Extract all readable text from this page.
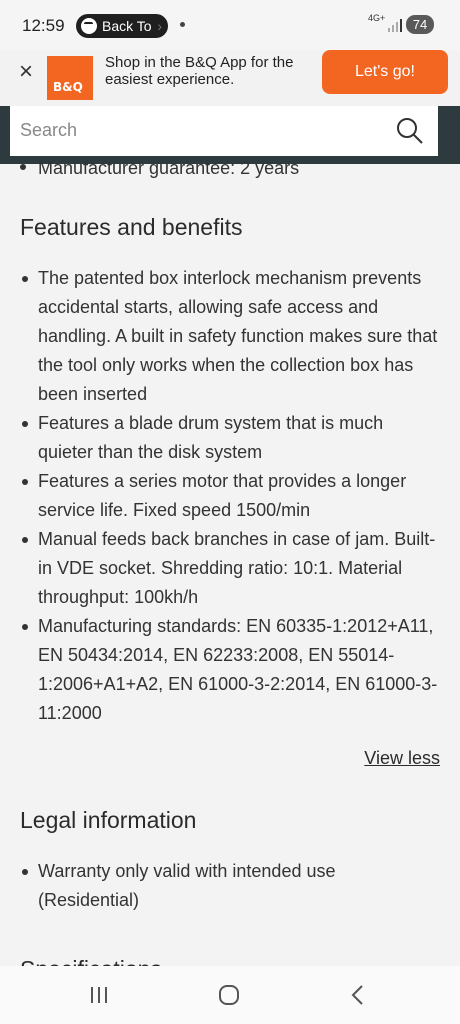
12:59	Back To ›	4G+	74
×
B&Q
Shop in the B&Q App for the easiest experience.	Let's go!
Search
Manufacturer guarantee: 2 years
Features and benefits
The patented box interlock mechanism prevents accidental starts, allowing safe access and handling. A built in safety function makes sure that the tool only works when the collection box has been inserted
Features a blade drum system that is much quieter than the disk system
Features a series motor that provides a longer service life. Fixed speed 1500/min
Manual feeds back branches in case of jam. Built-in VDE socket. Shredding ratio: 10:1. Material throughput: 100kh/h
Manufacturing standards: EN 60335-1:2012+A11, EN 50434:2014, EN 62233:2008, EN 55014-1:2006+A1+A2, EN 61000-3-2:2014, EN 61000-3-11:2000
View less
Legal information
Warranty only valid with intended use (Residential)
